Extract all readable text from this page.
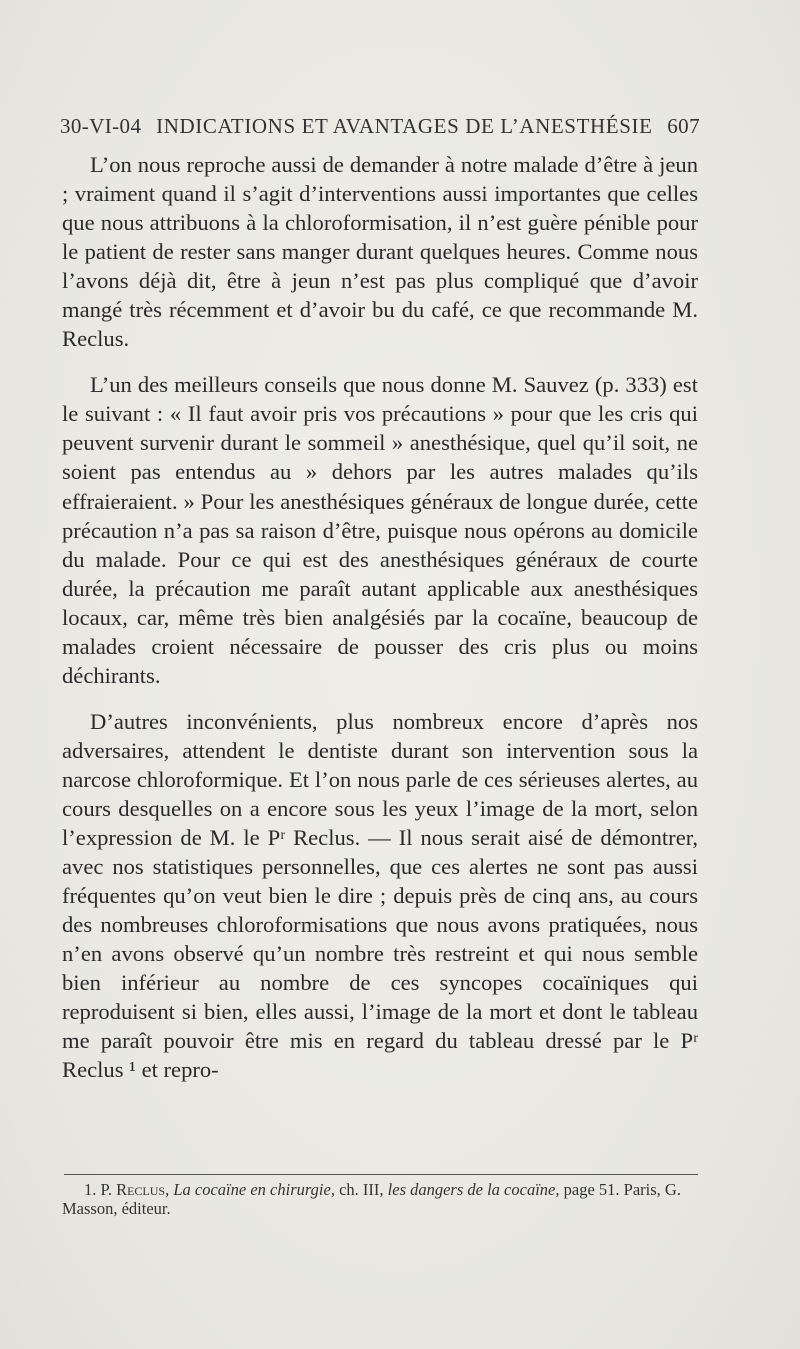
30-VI-04 INDICATIONS ET AVANTAGES DE L’ANESTHÉSIE 607

L’on nous reproche aussi de demander à notre malade d’être à jeun ; vraiment quand il s’agit d’interventions aussi importantes que celles que nous attribuons à la chloroformisation, il n’est guère pénible pour le patient de rester sans manger durant quelques heures. Comme nous l’avons déjà dit, être à jeun n’est pas plus compliqué que d’avoir mangé très récemment et d’avoir bu du café, ce que recommande M. Reclus.

L’un des meilleurs conseils que nous donne M. Sauvez (p. 333) est le suivant : « Il faut avoir pris vos précautions » pour que les cris qui peuvent survenir durant le sommeil » anesthésique, quel qu’il soit, ne soient pas entendus au » dehors par les autres malades qu’ils effraieraient. » Pour les anesthésiques généraux de longue durée, cette précaution n’a pas sa raison d’être, puisque nous opérons au domicile du malade. Pour ce qui est des anesthésiques généraux de courte durée, la précaution me paraît autant applicable aux anesthésiques locaux, car, même très bien analgésiés par la cocaïne, beaucoup de malades croient nécessaire de pousser des cris plus ou moins déchirants.

D’autres inconvénients, plus nombreux encore d’après nos adversaires, attendent le dentiste durant son intervention sous la narcose chloroformique. Et l’on nous parle de ces sérieuses alertes, au cours desquelles on a encore sous les yeux l’image de la mort, selon l’expression de M. le Pʳ Reclus. — Il nous serait aisé de démontrer, avec nos statistiques personnelles, que ces alertes ne sont pas aussi fréquentes qu’on veut bien le dire ; depuis près de cinq ans, au cours des nombreuses chloroformisations que nous avons pratiquées, nous n’en avons observé qu’un nombre très restreint et qui nous semble bien inférieur au nombre de ces syncopes cocaïniques qui reproduisent si bien, elles aussi, l’image de la mort et dont le tableau me paraît pouvoir être mis en regard du tableau dressé par le Pʳ Reclus ¹ et repro-

1. P. Reclus, La cocaïne en chirurgie, ch. III, les dangers de la cocaïne, page 51. Paris, G. Masson, éditeur.
